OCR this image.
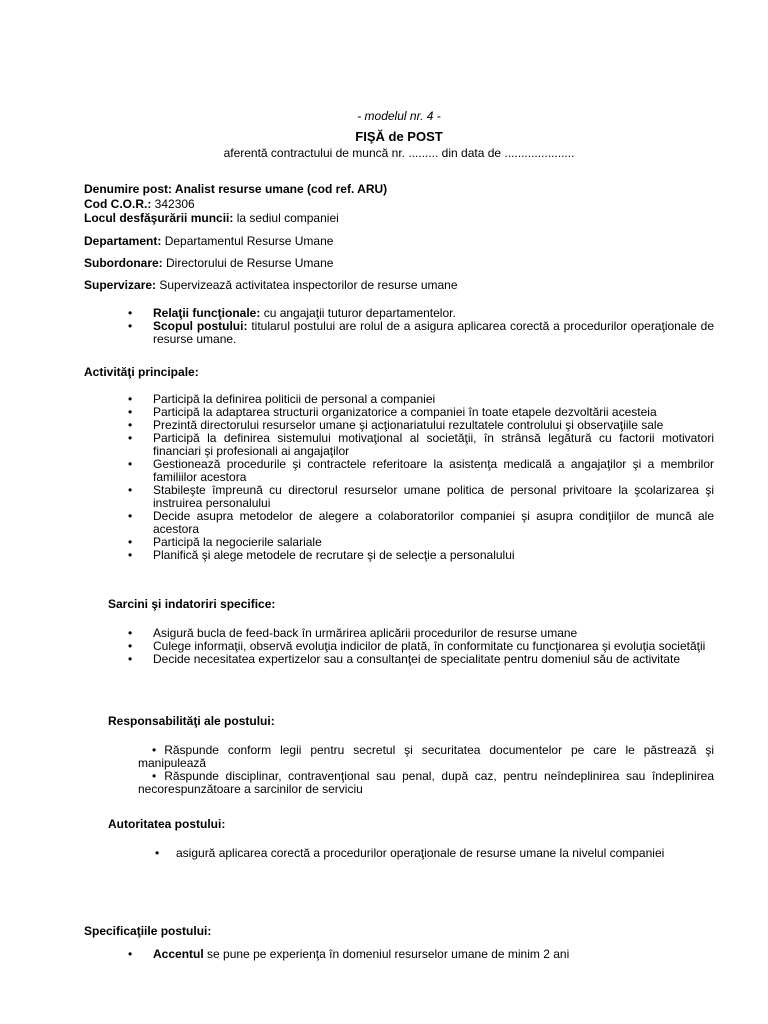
- modelul nr. 4 -

FIŞĂ de POST

aferentă contractului de muncă nr. ......... din data de .....................

Denumire post: Analist resurse umane (cod ref. ARU)

Cod C.O.R.: 342306

Locul desfăşurării muncii: la sediul companiei

Departament: Departamentul Resurse Umane

Subordonare: Directorului de Resurse Umane

Supervizare: Supervizează activitatea inspectorilor de resurse umane

• Relaţii funcţionale: cu angajaţii tuturor departamentelor.
• Scopul postului: titularul postului are rolul de a asigura aplicarea corectă a procedurilor operaţionale de resurse umane.

Activităţi principale:

• Participă la definirea politicii de personal a companiei
• Participă la adaptarea structurii organizatorice a companiei în toate etapele dezvoltării acesteia
• Prezintă directorului resurselor umane şi acţionariatului rezultatele controlului şi observaţiile sale
• Participă la definirea sistemului motivaţional al societăţii, în strânsă legătură cu factorii motivatori financiari şi profesionali ai angajaţilor
• Gestionează procedurile şi contractele referitoare la asistenţa medicală a angajaţilor şi a membrilor familiilor acestora
• Stabileşte împreună cu directorul resurselor umane politica de personal privitoare la şcolarizarea şi instruirea personalului
• Decide asupra metodelor de alegere a colaboratorilor companiei şi asupra condiţiilor de muncă ale acestora
• Participă la negocierile salariale
• Planifică şi alege metodele de recrutare şi de selecţie a personalului

Sarcini şi indatoriri specifice:

• Asigură bucla de feed-back în urmărirea aplicării procedurilor de resurse umane
• Culege informaţii, observă evoluţia indicilor de plată, în conformitate cu funcţionarea şi evoluţia societăţii
• Decide necesitatea expertizelor sau a consultanţei de specialitate pentru domeniul său de activitate

Responsabilităţi ale postului:

• Răspunde conform legii pentru secretul şi securitatea documentelor pe care le păstrează şi manipulează
• Răspunde disciplinar, contravenţional sau penal, după caz, pentru neîndeplinirea sau îndeplinirea necorespunzătoare a sarcinilor de serviciu

Autoritatea postului:

• asigură aplicarea corectă a procedurilor operaţionale de resurse umane la nivelul companiei

Specificaţiile postului:

• Accentul se pune pe experienţa în domeniul resurselor umane de minim 2 ani
